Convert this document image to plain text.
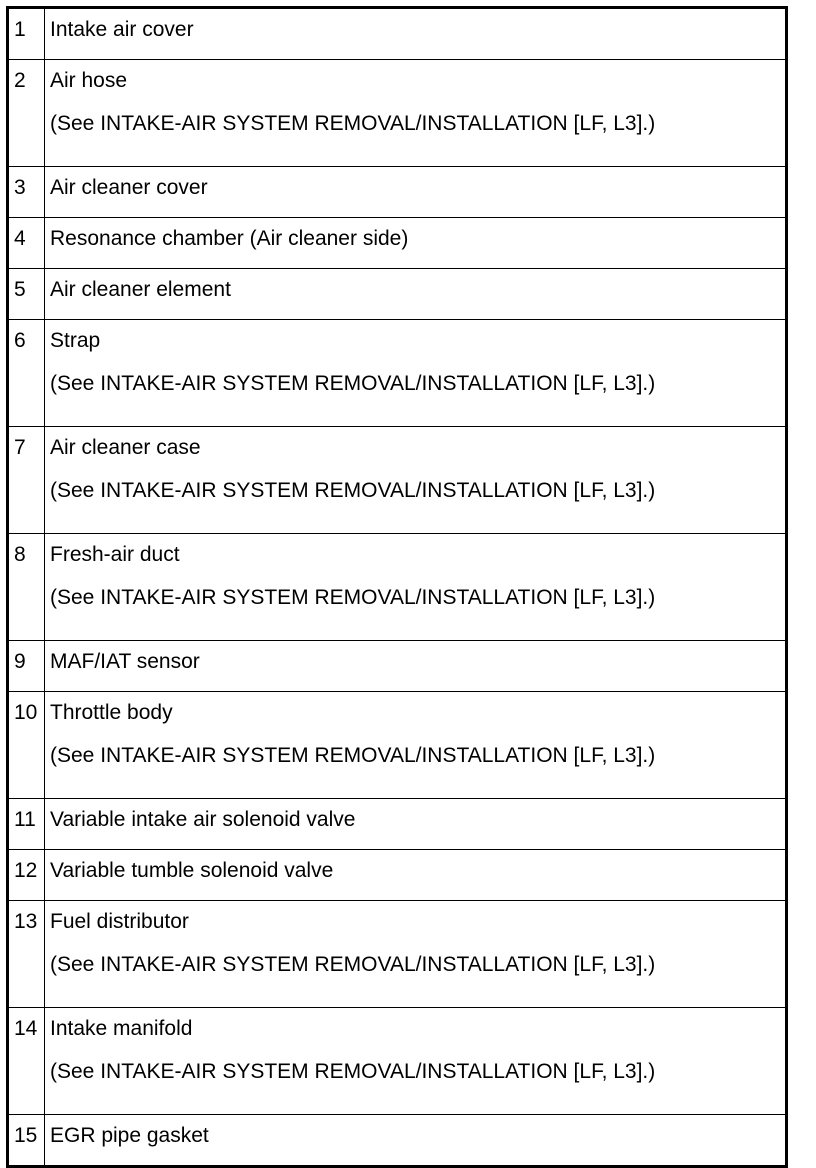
1	Intake air cover

2	Air hose
(See INTAKE-AIR SYSTEM REMOVAL/INSTALLATION [LF, L3].)

3	Air cleaner cover

4	Resonance chamber (Air cleaner side)

5	Air cleaner element

6	Strap
(See INTAKE-AIR SYSTEM REMOVAL/INSTALLATION [LF, L3].)

7	Air cleaner case
(See INTAKE-AIR SYSTEM REMOVAL/INSTALLATION [LF, L3].)

8	Fresh-air duct
(See INTAKE-AIR SYSTEM REMOVAL/INSTALLATION [LF, L3].)

9	MAF/IAT sensor

10	Throttle body
(See INTAKE-AIR SYSTEM REMOVAL/INSTALLATION [LF, L3].)

11	Variable intake air solenoid valve

12	Variable tumble solenoid valve

13	Fuel distributor
(See INTAKE-AIR SYSTEM REMOVAL/INSTALLATION [LF, L3].)

14	Intake manifold
(See INTAKE-AIR SYSTEM REMOVAL/INSTALLATION [LF, L3].)

15	EGR pipe gasket
